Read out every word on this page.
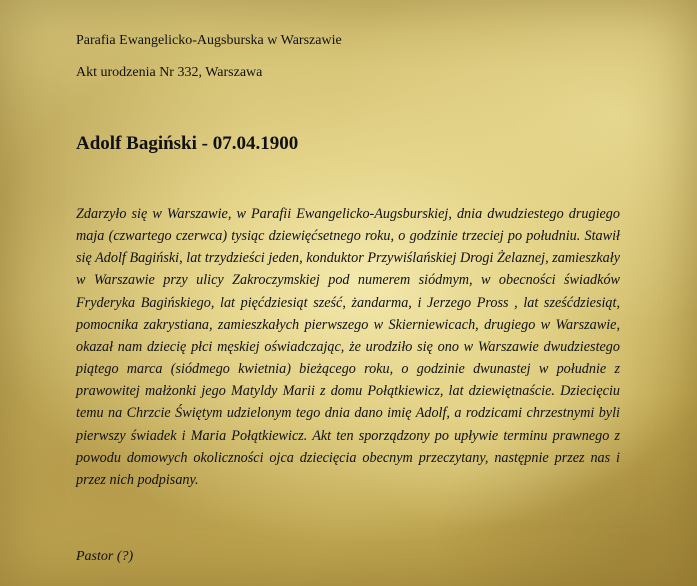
Parafia Ewangelicko-Augsburska w Warszawie
Akt urodzenia Nr 332, Warszawa
Adolf Bagiński - 07.04.1900

Zdarzyło się w Warszawie, w Parafii Ewangelicko-Augsburskiej, dnia dwudziestego drugiego maja (czwartego czerwca) tysiąc dziewięćsetnego roku, o godzinie trzeciej po południu. Stawił się Adolf Bagiński, lat trzydzieści jeden, konduktor Przywiślańskiej Drogi Żelaznej, zamieszkały w Warszawie przy ulicy Zakroczymskiej pod numerem siódmym, w obecności świadków Fryderyka Bagińskiego, lat pięćdziesiąt sześć, żandarma, i Jerzego Pross , lat sześćdziesiąt, pomocnika zakrystiana, zamieszkałych pierwszego w Skierniewicach, drugiego w Warszawie, okazał nam dziecię płci męskiej oświadczając, że urodziło się ono w Warszawie dwudziestego piątego marca (siódmego kwietnia) bieżącego roku, o godzinie dwunastej w południe z prawowitej małżonki jego Matyldy Marii z domu Połątkiewicz, lat dziewiętnaście. Dziecięciu temu na Chrzcie Świętym udzielonym tego dnia dano imię Adolf, a rodzicami chrzestnymi byli pierwszy świadek i Maria Połątkiewicz. Akt ten sporządzony po upływie terminu prawnego z powodu domowych okoliczności ojca dziecięcia obecnym przeczytany, następnie przez nas i przez nich podpisany.

Pastor (?)
